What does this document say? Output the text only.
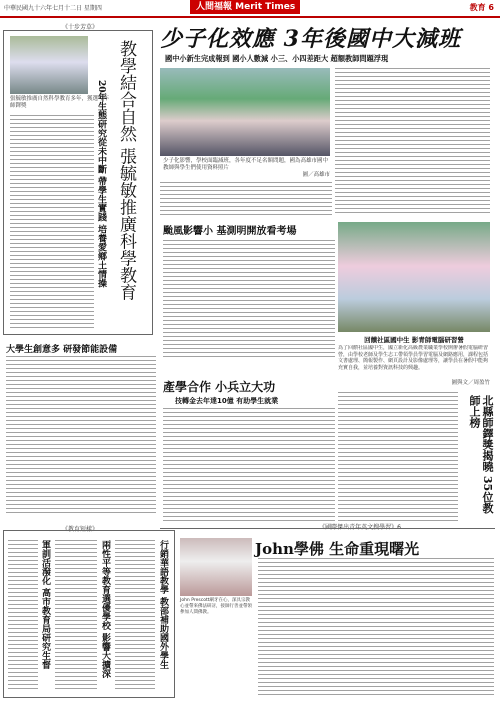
中華民國九十六年七月十二日 星期四	人間福報 Merit Times	教育 6
少子化效應 3年後國中大減班
國中小新生完成報到 國小人數減 小三、小四差距大 超額教師問題浮現
少子化影響，學校面臨減班，各年度不足名額問題，國為高雄市國中教師與學生們使用資料照片
圖／高雄市
《十步芳草》
張毓敏推廣自然科學教育多年，獲選今年師鐸獎	教學結合自然 張毓敏推廣科學教育
20年生態研究從未中斷 帶學生實踐 培養愛鄉土情操
大學生創意多 研發節能設備
颱風影響小 基測明開放看考場
回饋社區國中生 影青師電腦研習營
為了回饋社區國中生，國立新化高級農業職業學校開辦暑假電腦研習營，由學校老師及學生志工帶領學員學習電腦及網路應用，課程包括文書處理、簡報製作、網頁設計及影像處理等，讓學員在暑假中能夠充實自我，並培養對資訊科技的興趣。
圖與文／周盈竹
產學合作 小兵立大功
技轉金去年達10億 有助學生就業	北縣師鐸獎揭曉 35位教師上榜
John學佛 生命重現曙光
John Prescott刷牙在心，深具宗教心並帶來佛法研討，接師行善並帶領參加人間佛教。
《教育短樣》
行銷華語教學 教部補助國外學生
兩性平等教育選優學校 影響大擴深
軍訓活潑化 高市教育局研究生督
